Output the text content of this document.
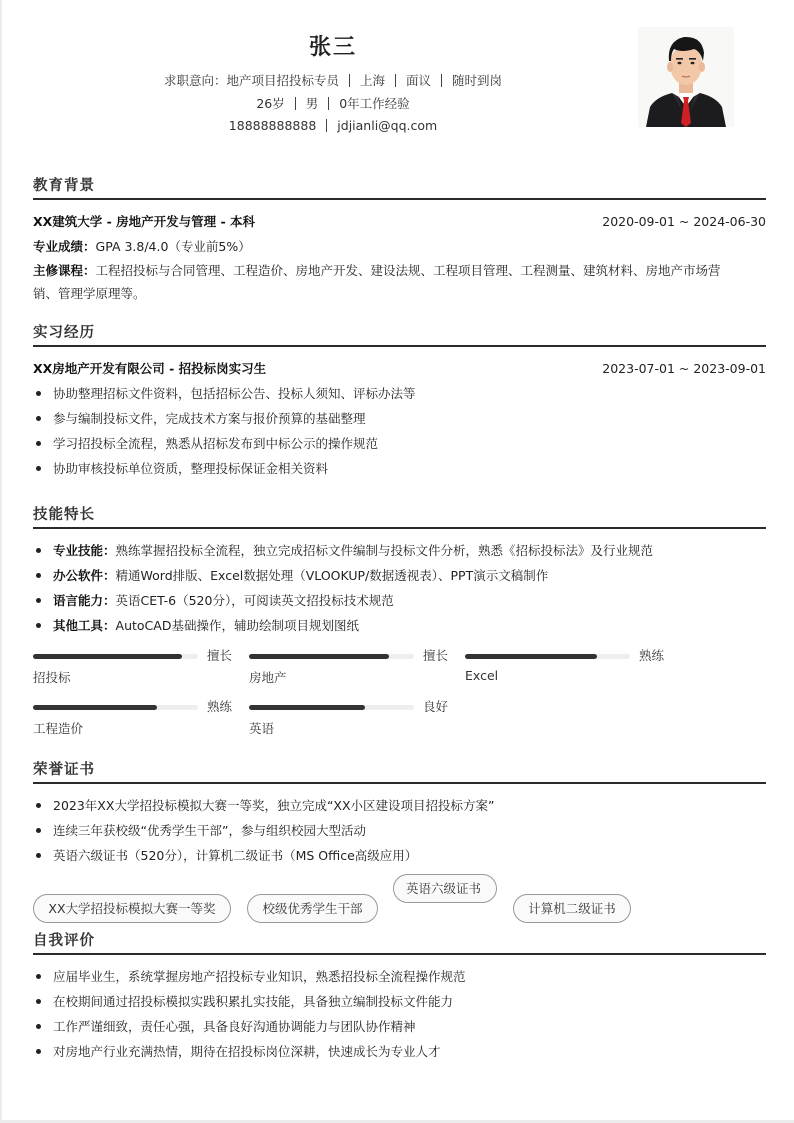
张三
求职意向：地产项目招投标专员 上海 面议 随时到岗
26岁 男 0年工作经验
18888888888 jdjianli@qq.com
教育背景
XX建筑大学 - 房地产开发与管理 - 本科	2020-09-01 ~ 2024-06-30
专业成绩：GPA 3.8/4.0（专业前5%）
主修课程：工程招投标与合同管理、工程造价、房地产开发、建设法规、工程项目管理、工程测量、建筑材料、房地产市场营
销、管理学原理等。
实习经历
XX房地产开发有限公司 - 招投标岗实习生	2023-07-01 ~ 2023-09-01
协助整理招标文件资料，包括招标公告、投标人须知、评标办法等
参与编制投标文件，完成技术方案与报价预算的基础整理
学习招投标全流程，熟悉从招标发布到中标公示的操作规范
协助审核投标单位资质，整理投标保证金相关资料
技能特长
专业技能：熟练掌握招投标全流程，独立完成招标文件编制与投标文件分析，熟悉《招标投标法》及行业规范
办公软件：精通Word排版、Excel数据处理（VLOOKUP/数据透视表）、PPT演示文稿制作
语言能力：英语CET-6（520分），可阅读英文招投标技术规范
其他工具：AutoCAD基础操作，辅助绘制项目规划图纸
擅长
招投标
擅长
房地产
熟练
Excel
熟练
工程造价
良好
英语
荣誉证书
2023年XX大学招投标模拟大赛一等奖，独立完成“XX小区建设项目招投标方案”
连续三年获校级“优秀学生干部”，参与组织校园大型活动
英语六级证书（520分），计算机二级证书（MS Office高级应用）
XX大学招投标模拟大赛一等奖	校级优秀学生干部
英语六级证书
计算机二级证书
自我评价
应届毕业生，系统掌握房地产招投标专业知识，熟悉招投标全流程操作规范
在校期间通过招投标模拟实践积累扎实技能，具备独立编制投标文件能力
工作严谨细致，责任心强，具备良好沟通协调能力与团队协作精神
对房地产行业充满热情，期待在招投标岗位深耕，快速成长为专业人才
